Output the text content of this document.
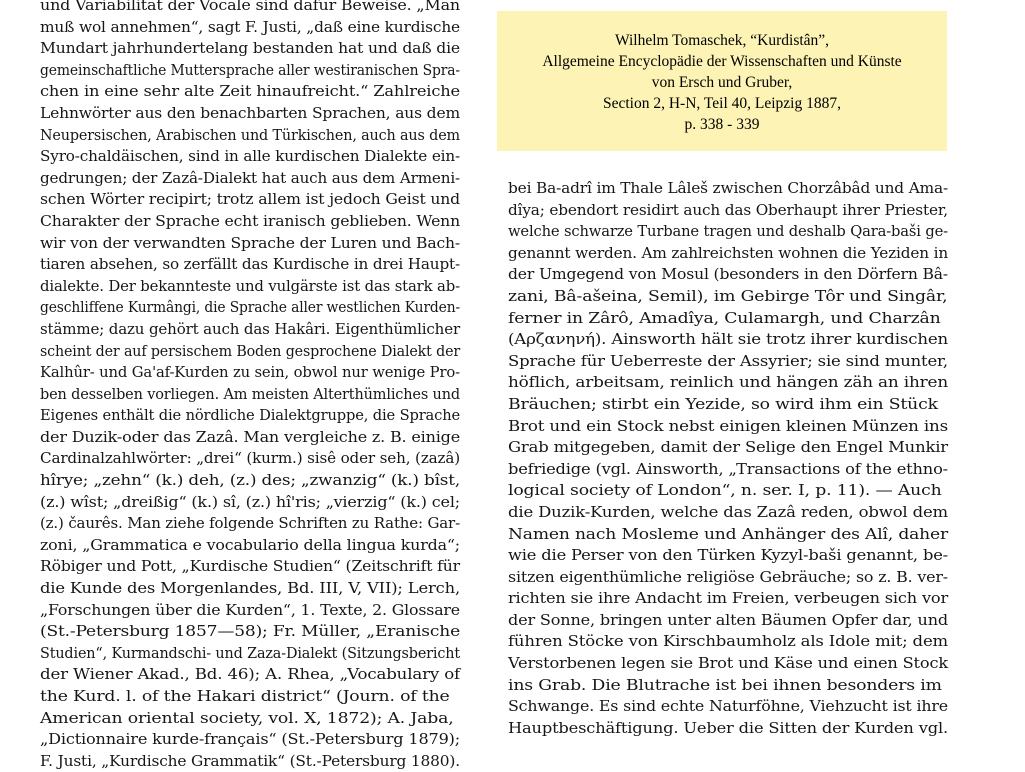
und Variabilität der Vocale sind dafür Beweise. „Man
muß wol annehmen“, sagt F. Justi, „daß eine kurdische
Mundart jahrhundertelang bestanden hat und daß die
gemeinschaftliche Muttersprache aller westiranischen Spra-
chen in eine sehr alte Zeit hinaufreicht.“ Zahlreiche
Lehnwörter aus den benachbarten Sprachen, aus dem
Neupersischen, Arabischen und Türkischen, auch aus dem
Syro-chaldäischen, sind in alle kurdischen Dialekte ein-
gedrungen; der Zazâ-Dialekt hat auch aus dem Armeni-
schen Wörter recipirt; trotz allem ist jedoch Geist und
Charakter der Sprache echt iranisch geblieben. Wenn
wir von der verwandten Sprache der Luren und Bach-
tiaren absehen, so zerfällt das Kurdische in drei Haupt-
dialekte. Der bekannteste und vulgärste ist das stark ab-
geschliffene Kurmângi, die Sprache aller westlichen Kurden-
stämme; dazu gehört auch das Hakâri. Eigenthümlicher
scheint der auf persischem Boden gesprochene Dialekt der
Kalhûr- und Ga'af-Kurden zu sein, obwol nur wenige Pro-
ben desselben vorliegen. Am meisten Alterthümliches und
Eigenes enthält die nördliche Dialektgruppe, die Sprache
der Duzik-oder das Zazâ. Man vergleiche z. B. einige
Cardinalzahlwörter: „drei“ (kurm.) sisê oder seh, (zazâ)
hîrye; „zehn“ (k.) deh, (z.) des; „zwanzig“ (k.) bîst,
(z.) wîst; „dreißig“ (k.) sî, (z.) hî'ris; „vierzig“ (k.) cel;
(z.) čaurês. Man ziehe folgende Schriften zu Rathe: Gar-
zoni, „Grammatica e vocabulario della lingua kurda“;
Röbiger und Pott, „Kurdische Studien“ (Zeitschrift für
die Kunde des Morgenlandes, Bd. III, V, VII); Lerch,
„Forschungen über die Kurden“, 1. Texte, 2. Glossare
(St.-Petersburg 1857—58); Fr. Müller, „Eranische
Studien“, Kurmandschi- und Zaza-Dialekt (Sitzungsbericht
der Wiener Akad., Bd. 46); A. Rhea, „Vocabulary of
the Kurd. l. of the Hakari district“ (Journ. of the
American oriental society, vol. X, 1872); A. Jaba,
„Dictionnaire kurde-français“ (St.-Petersburg 1879);
F. Justi, „Kurdische Grammatik“ (St.-Petersburg 1880).
Wilhelm Tomaschek, “Kurdistân”,
Allgemeine Encyclopädie der Wissenschaften und Künste
von Ersch und Gruber,
Section 2, H-N, Teil 40, Leipzig 1887,
p. 338 - 339
bei Ba-adrî im Thale Lâleš zwischen Chorzâbâd und Ama-
dîya; ebendort residirt auch das Oberhaupt ihrer Priester,
welche schwarze Turbane tragen und deshalb Qara-baši ge-
genannt werden. Am zahlreichsten wohnen die Yeziden in
der Umgegend von Mosul (besonders in den Dörfern Bâ-
zani, Bâ-ašeina, Semil), im Gebirge Tôr und Singâr,
ferner in Zârô, Amadîya, Culamargh, und Charzân
(Αρζανηνή). Ainsworth hält sie trotz ihrer kurdischen
Sprache für Ueberreste der Assyrier; sie sind munter,
höflich, arbeitsam, reinlich und hängen zäh an ihren
Bräuchen; stirbt ein Yezide, so wird ihm ein Stück
Brot und ein Stock nebst einigen kleinen Münzen ins
Grab mitgegeben, damit der Selige den Engel Munkir
befriedige (vgl. Ainsworth, „Transactions of the ethno-
logical society of London“, n. ser. I, p. 11). — Auch
die Duzik-Kurden, welche das Zazâ reden, obwol dem
Namen nach Mosleme und Anhänger des Alî, daher
wie die Perser von den Türken Kyzyl-baši genannt, be-
sitzen eigenthümliche religiöse Gebräuche; so z. B. ver-
richten sie ihre Andacht im Freien, verbeugen sich vor
der Sonne, bringen unter alten Bäumen Opfer dar, und
führen Stöcke von Kirschbaumholz als Idole mit; dem
Verstorbenen legen sie Brot und Käse und einen Stock
ins Grab. Die Blutrache ist bei ihnen besonders im
Schwange. Es sind echte Naturföhne, Viehzucht ist ihre
Hauptbeschäftigung. Ueber die Sitten der Kurden vgl.
